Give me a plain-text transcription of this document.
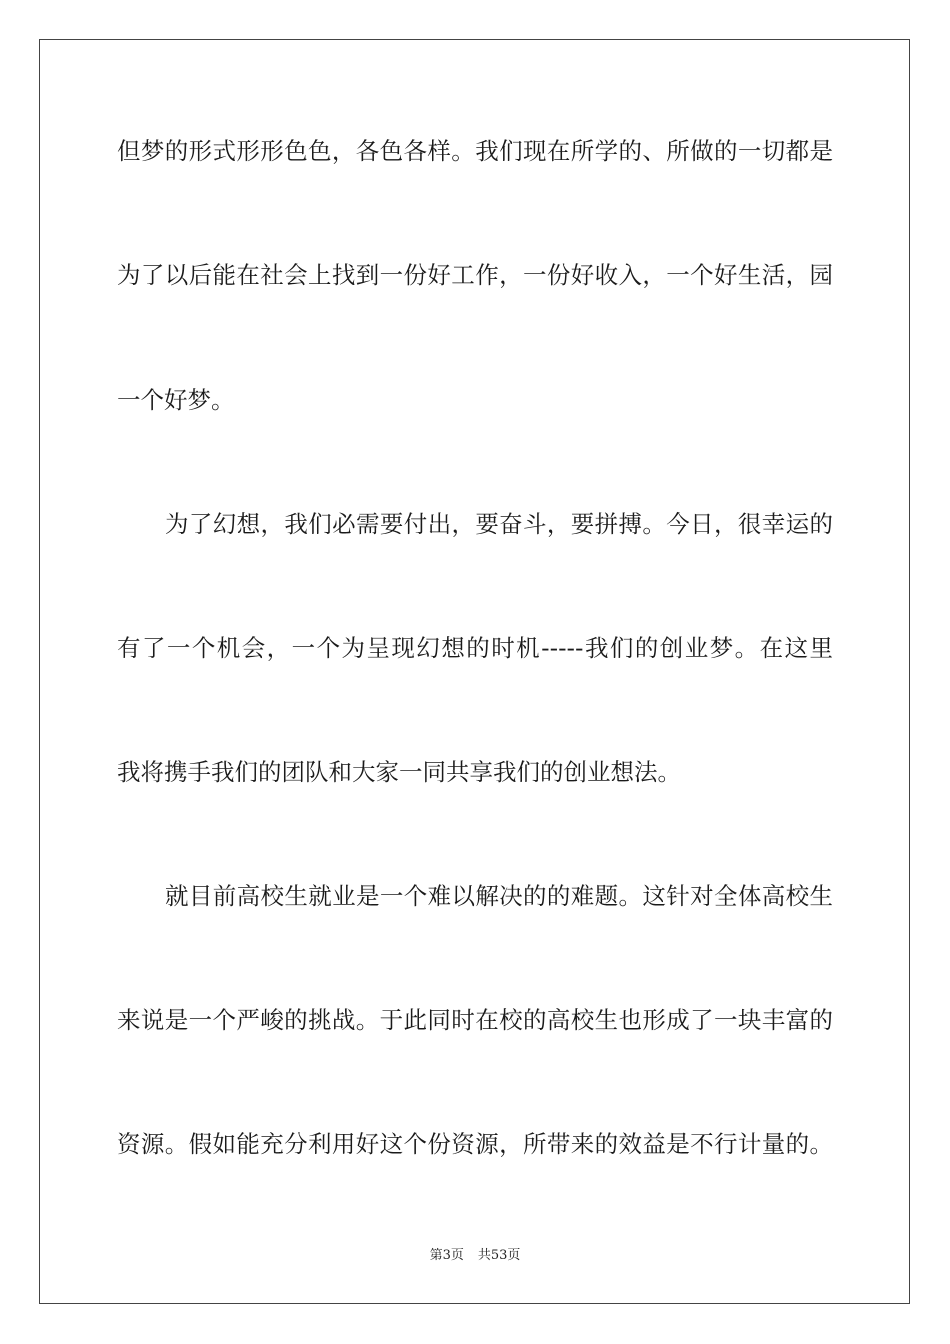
但梦的形式形形色色，各色各样。我们现在所学的、所做的一切都是
为了以后能在社会上找到一份好工作，一份好收入，一个好生活，园
一个好梦。
为了幻想，我们必需要付出，要奋斗，要拼搏。今日，很幸运的
有了一个机会，一个为呈现幻想的时机-----我们的创业梦。在这里
我将携手我们的团队和大家一同共享我们的创业想法。
就目前高校生就业是一个难以解决的的难题。这针对全体高校生
来说是一个严峻的挑战。于此同时在校的高校生也形成了一块丰富的
资源。假如能充分利用好这个份资源，所带来的效益是不行计量的。
第3页 共53页
